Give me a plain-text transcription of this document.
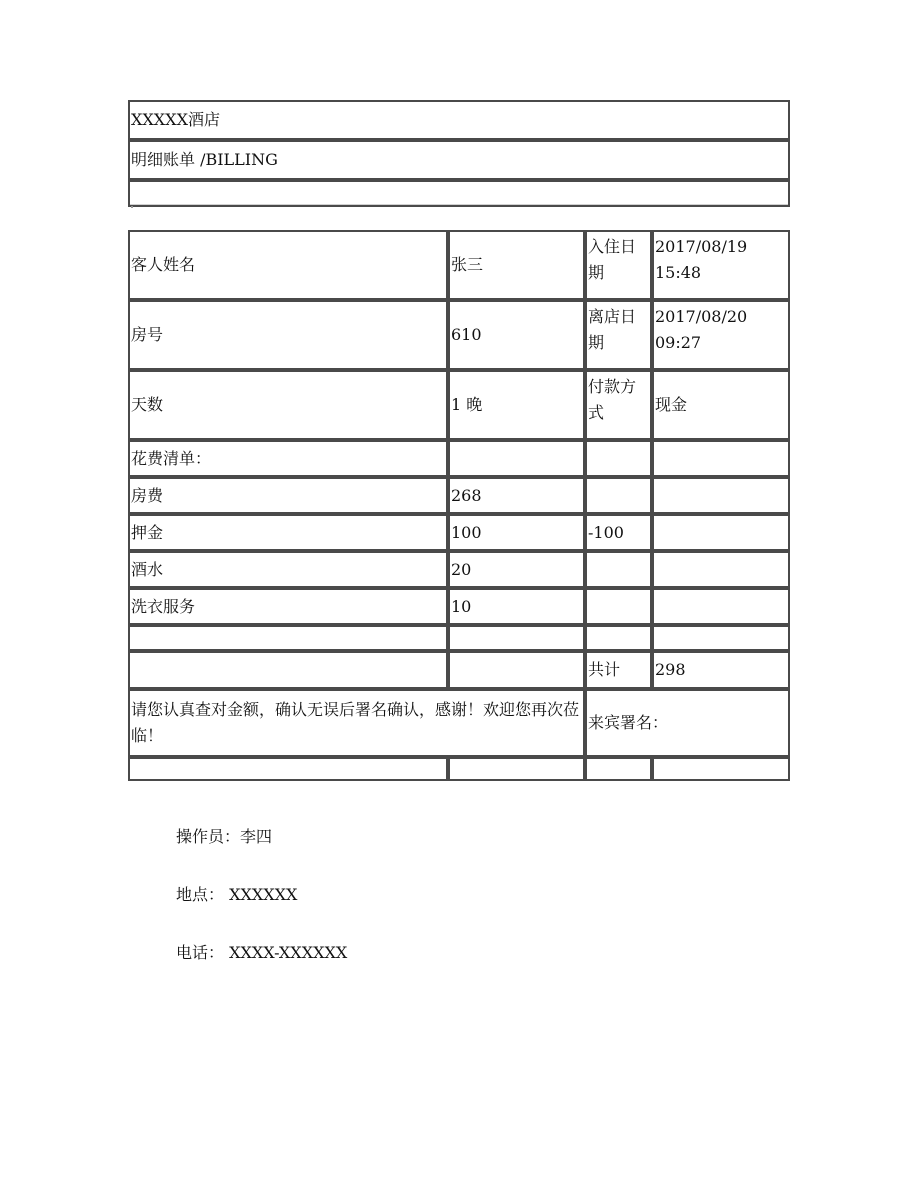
XXXXX酒店
明细账单 /BILLING

客人姓名	张三	入住日期	2017/08/19 15:48
房号	610	离店日期	2017/08/20 09:27
天数	1 晚	付款方式	现金
花费清单：			
房费	268		
押金	100	-100	
酒水	20		
洗衣服务	10		

		共计	298
请您认真查对金额，确认无误后署名确认，感谢！欢迎您再次莅临！		来宾署名：	

操作员：李四
地点： XXXXXX
电话： XXXX-XXXXXX
